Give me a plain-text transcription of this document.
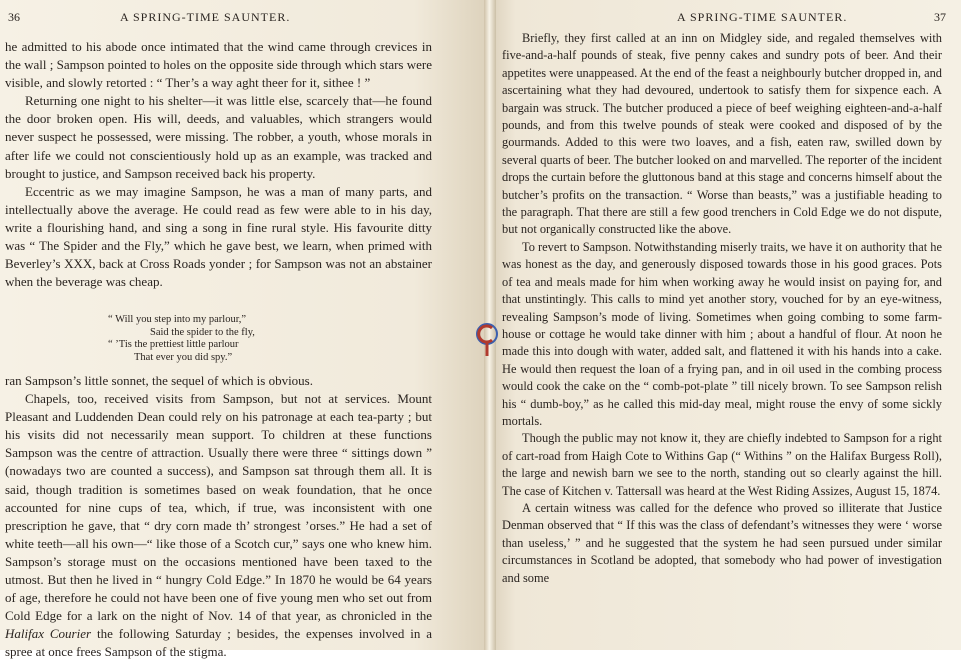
36	A SPRING-TIME SAUNTER.

he admitted to his abode once intimated that the wind came through crevices in the wall ; Sampson pointed to holes on the opposite side through which stars were visible, and slowly retorted : “ Ther’s a way aght theer for it, sithee ! ”

Returning one night to his shelter—it was little else, scarcely that—he found the door broken open. His will, deeds, and valuables, which strangers would never suspect he possessed, were missing. The robber, a youth, whose morals in after life we could not conscientiously hold up as an example, was tracked and brought to justice, and Sampson received back his property.

Eccentric as we may imagine Sampson, he was a man of many parts, and intellectually above the average. He could read as few were able to in his day, write a flourishing hand, and sing a song in fine rural style. His favourite ditty was “ The Spider and the Fly,” which he gave best, we learn, when primed with Beverley’s XXX, back at Cross Roads yonder ; for Sampson was not an abstainer when the beverage was cheap.

“ Will you step into my parlour,”
Said the spider to the fly,
“ ’Tis the prettiest little parlour
That ever you did spy.”

ran Sampson’s little sonnet, the sequel of which is obvious.

Chapels, too, received visits from Sampson, but not at services. Mount Pleasant and Luddenden Dean could rely on his patronage at each tea-party ; but his visits did not necessarily mean support. To children at these functions Sampson was the centre of attraction. Usually there were three “ sittings down ” (nowadays two are counted a success), and Sampson sat through them all. It is said, though tradition is sometimes based on weak foundation, that he once accounted for nine cups of tea, which, if true, was inconsistent with one prescription he gave, that “ dry corn made th’ strongest ’orses.” He had a set of white teeth—all his own—“ like those of a Scotch cur,” says one who knew him. Sampson’s storage must on the occasions mentioned have been taxed to the utmost. But then he lived in “ hungry Cold Edge.” In 1870 he would be 64 years of age, therefore he could not have been one of five young men who set out from Cold Edge for a lark on the night of Nov. 14 of that year, as chronicled in the Halifax Courier the following Saturday ; besides, the expenses involved in a spree at once frees Sampson of the stigma.

A SPRING-TIME SAUNTER.	37

Briefly, they first called at an inn on Midgley side, and regaled themselves with five-and-a-half pounds of steak, five penny cakes and sundry pots of beer. And their appetites were unappeased. At the end of the feast a neighbourly butcher dropped in, and ascertaining what they had devoured, undertook to satisfy them for sixpence each. A bargain was struck. The butcher produced a piece of beef weighing eighteen-and-a-half pounds, and from this twelve pounds of steak were cooked and disposed of by the gourmands. Added to this were two loaves, and a fish, eaten raw, swilled down by several quarts of beer. The butcher looked on and marvelled. The reporter of the incident drops the curtain before the gluttonous band at this stage and concerns himself about the butcher’s profits on the transaction. “ Worse than beasts,” was a justifiable heading to the paragraph. That there are still a few good trenchers in Cold Edge we do not dispute, but not organically constructed like the above.

To revert to Sampson. Notwithstanding miserly traits, we have it on authority that he was honest as the day, and generously disposed towards those in his good graces. Pots of tea and meals made for him when working away he would insist on paying for, and that unstintingly. This calls to mind yet another story, vouched for by an eye-witness, revealing Sampson’s mode of living. Sometimes when going combing to some farm-house or cottage he would take dinner with him ; about a handful of flour. At noon he made this into dough with water, added salt, and flattened it with his hands into a cake. He would then request the loan of a frying pan, and in oil used in the combing process would cook the cake on the “ comb-pot-plate ” till nicely brown. To see Sampson relish his “ dumb-boy,” as he called this mid-day meal, might rouse the envy of some sickly mortals.

Though the public may not know it, they are chiefly indebted to Sampson for a right of cart-road from Haigh Cote to Withins Gap (“ Withins ” on the Halifax Burgess Roll), the large and newish barn we see to the north, standing out so clearly against the hill. The case of Kitchen v. Tattersall was heard at the West Riding Assizes, August 15, 1874.

A certain witness was called for the defence who proved so illiterate that Justice Denman observed that “ If this was the class of defendant’s witnesses they were ‘ worse than useless,’ ” and he suggested that the system he had seen pursued under similar circumstances in Scotland be adopted, that somebody who had power of investigation and some
